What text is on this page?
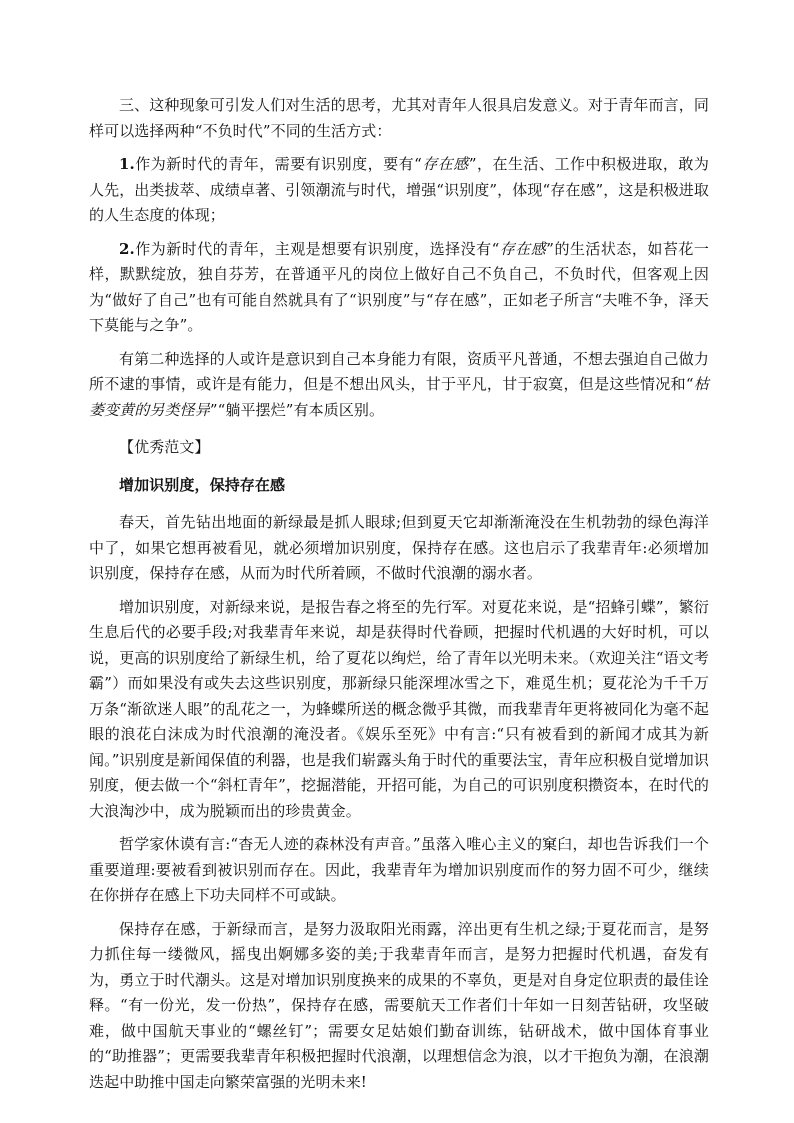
三、这种现象可引发人们对生活的思考，尤其对青年人很具启发意义。对于青年而言，同样可以选择两种“不负时代”不同的生活方式：

1.作为新时代的青年，需要有识别度，要有“存在感”，在生活、工作中积极进取，敢为人先，出类拔萃、成绩卓著、引领潮流与时代，增强“识别度”，体现“存在感”，这是积极进取的人生态度的体现；

2.作为新时代的青年，主观是想要有识别度，选择没有“存在感”的生活状态，如苔花一样，默默绽放，独自芬芳，在普通平凡的岗位上做好自己不负自己，不负时代，但客观上因为“做好了自己”也有可能自然就具有了“识别度”与“存在感”，正如老子所言“夫唯不争，泽天下莫能与之争”。

有第二种选择的人或许是意识到自己本身能力有限，资质平凡普通，不想去强迫自己做力所不逮的事情，或许是有能力，但是不想出风头，甘于平凡，甘于寂寞，但是这些情况和“枯萎变黄的另类怪异”“躺平摆烂”有本质区别。

【优秀范文】

增加识别度，保持存在感

春天，首先钻出地面的新绿最是抓人眼球;但到夏天它却渐渐淹没在生机勃勃的绿色海洋中了，如果它想再被看见，就必须增加识别度，保持存在感。这也启示了我辈青年:必须增加识别度，保持存在感，从而为时代所着顾，不做时代浪潮的溺水者。

增加识别度，对新绿来说，是报告春之将至的先行军。对夏花来说，是“招蜂引蝶”，繁衍生息后代的必要手段;对我辈青年来说，却是获得时代眷顾，把握时代机遇的大好时机，可以说，更高的识别度给了新绿生机，给了夏花以绚烂，给了青年以光明未来。（欢迎关注“语文考霸”）而如果没有或失去这些识别度，那新绿只能深埋冰雪之下，难觅生机；夏花沦为千千万万条“渐欲迷人眼”的乱花之一，为蜂蝶所送的概念微乎其微，而我辈青年更将被同化为毫不起眼的浪花白沫成为时代浪潮的淹没者。《娱乐至死》中有言:“只有被看到的新闻才成其为新闻。”识别度是新闻保值的利器，也是我们崭露头角于时代的重要法宝，青年应积极自觉增加识别度，便去做一个“斜杠青年”，挖掘潜能，开招可能，为自己的可识别度积攒资本，在时代的大浪淘沙中，成为脱颖而出的珍贵黄金。

哲学家休谟有言:“杳无人迹的森林没有声音。”虽落入唯心主义的窠臼，却也告诉我们一个重要道理:要被看到被识别而存在。因此，我辈青年为增加识别度而作的努力固不可少，继续在你拼存在感上下功夫同样不可或缺。

保持存在感，于新绿而言，是努力汲取阳光雨露，淬出更有生机之绿;于夏花而言，是努力抓住每一缕微风，摇曳出婀娜多姿的美;于我辈青年而言，是努力把握时代机遇，奋发有为，勇立于时代潮头。这是对增加识别度换来的成果的不辜负，更是对自身定位职责的最佳诠释。“有一份光，发一份热”，保持存在感，需要航天工作者们十年如一日刻苦钻研，攻坚破难，做中国航天事业的“螺丝钉”；需要女足姑娘们勤奋训练，钻研战术，做中国体育事业的“助推器”；更需要我辈青年积极把握时代浪潮，以理想信念为浪，以才干抱负为潮，在浪潮迭起中助推中国走向繁荣富强的光明未来!
